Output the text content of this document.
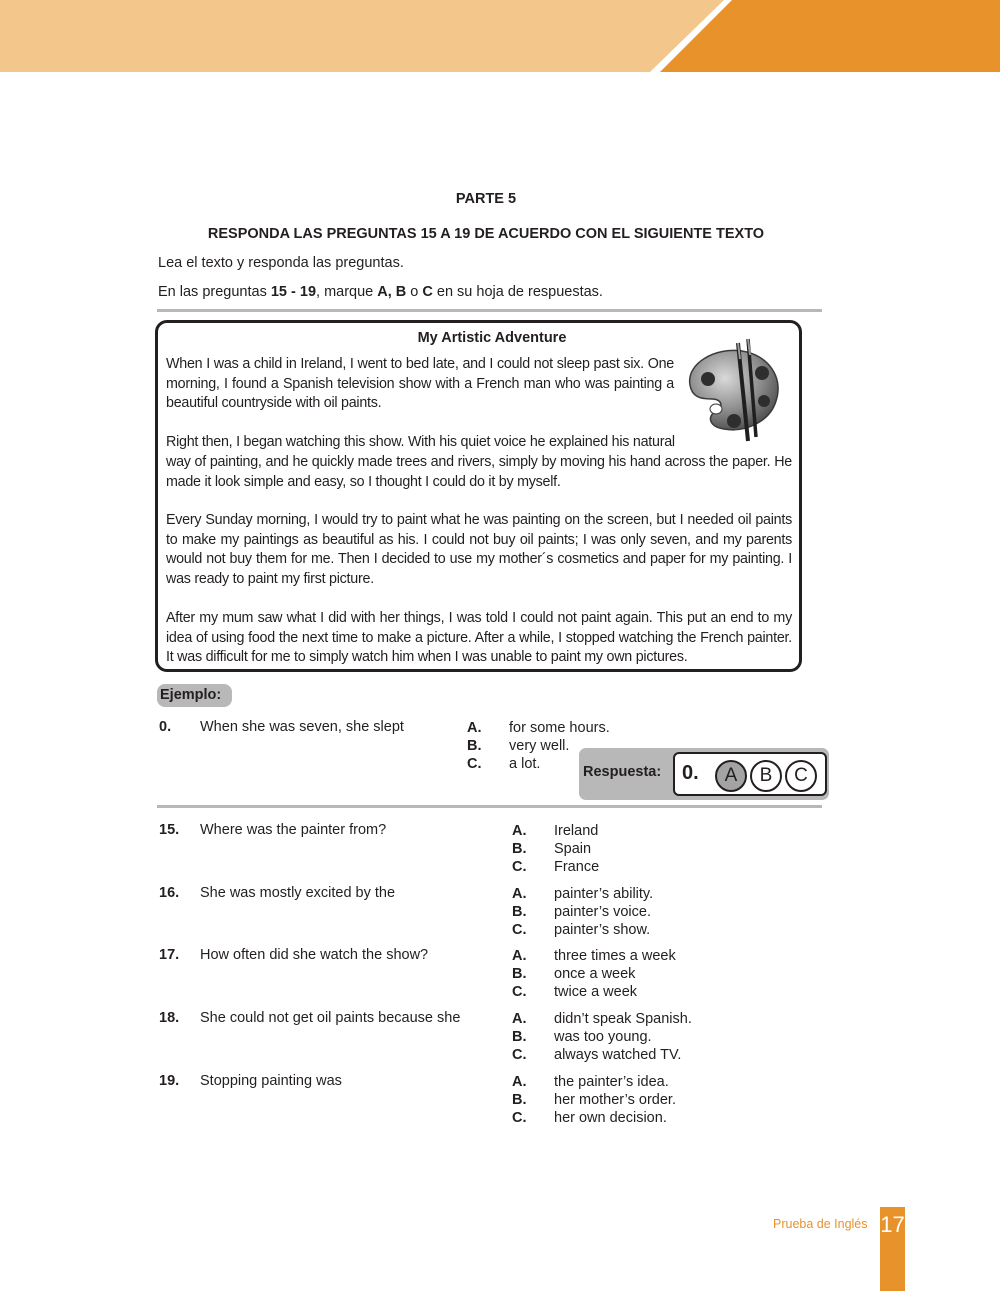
PARTE 5
RESPONDA LAS PREGUNTAS 15 A 19 DE ACUERDO CON EL SIGUIENTE TEXTO
Lea el texto y responda las preguntas.
En las preguntas 15 - 19, marque A, B o C en su hoja de respuestas.
My Artistic Adventure

When I was a child in Ireland, I went to bed late, and I could not sleep past six. One morning, I found a Spanish television show with a French man who was painting a beautiful countryside with oil paints.

Right then, I began watching this show. With his quiet voice he explained his natural

way of painting, and he quickly made trees and rivers, simply by moving his hand across the paper. He made it look simple and easy, so I thought I could do it by myself.

Every Sunday morning, I would try to paint what he was painting on the screen, but I needed oil paints to make my paintings as beautiful as his. I could not buy oil paints; I was only seven, and my parents would not buy them for me. Then I decided to use my mother´s cosmetics and paper for my painting. I was ready to paint my first picture.

After my mum saw what I did with her things, I was told I could not paint again. This put an end to my idea of using food the next time to make a picture. After a while, I stopped watching the French painter. It was difficult for me to simply watch him when I was unable to paint my own pictures.

Ejemplo:
0. When she was seven, she slept	A. for some hours.
B. very well.
C. a lot.	Respuesta: 0.	A	B	C
15. Where was the painter from?	A. Ireland
B. Spain
C. France
16. She was mostly excited by the	A. painter’s ability.
B. painter’s voice.
C. painter’s show.
17. How often did she watch the show?	A. three times a week
B. once a week
C. twice a week
18. She could not get oil paints because she	A. didn’t speak Spanish.
B. was too young.
C. always watched TV.
19. Stopping painting was	A. the painter’s idea.
B. her mother’s order.
C. her own decision.
Prueba de Inglés 17
